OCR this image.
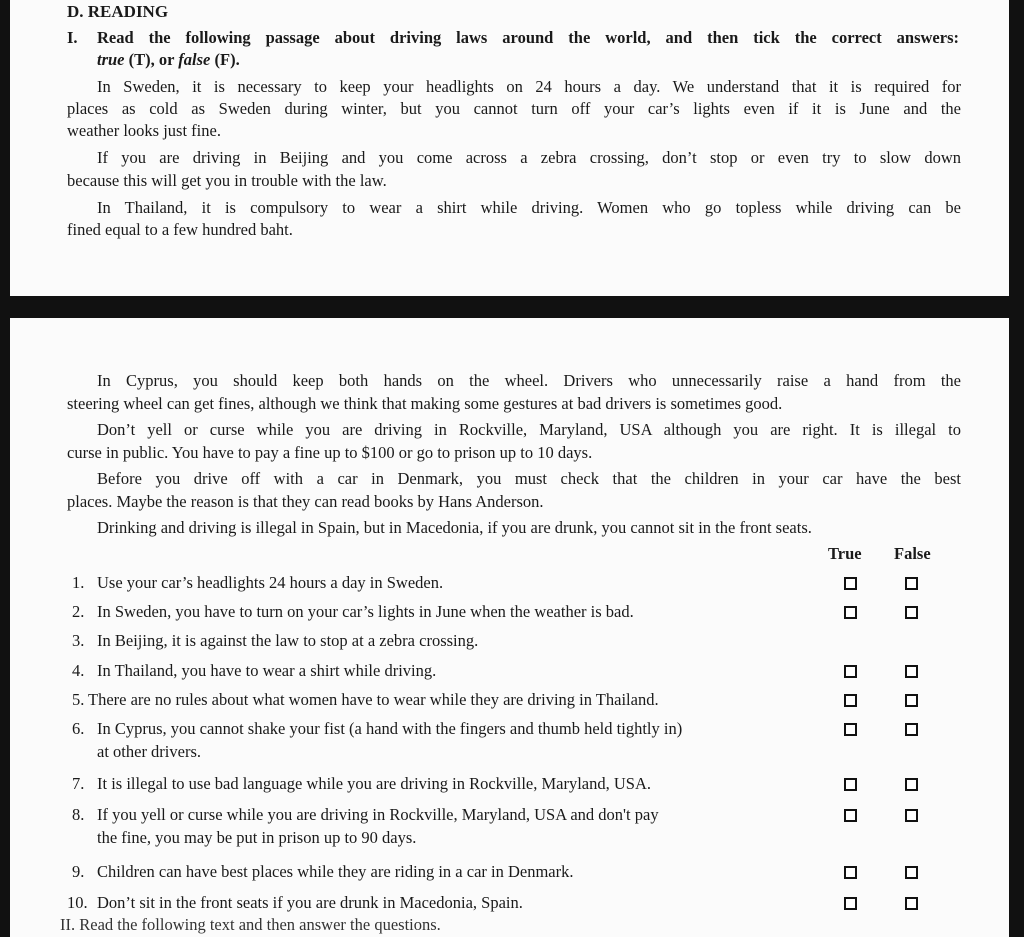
D. READING
I. Read the following passage about driving laws around the world, and then tick the correct answers:
true (T), or false (F).
In Sweden, it is necessary to keep your headlights on 24 hours a day. We understand that it is required for
places as cold as Sweden during winter, but you cannot turn off your car’s lights even if it is June and the
weather looks just fine.
If you are driving in Beijing and you come across a zebra crossing, don’t stop or even try to slow down
because this will get you in trouble with the law.
In Thailand, it is compulsory to wear a shirt while driving. Women who go topless while driving can be
fined equal to a few hundred baht.
In Cyprus, you should keep both hands on the wheel. Drivers who unnecessarily raise a hand from the
steering wheel can get fines, although we think that making some gestures at bad drivers is sometimes good.
Don’t yell or curse while you are driving in Rockville, Maryland, USA although you are right. It is illegal to
curse in public. You have to pay a fine up to $100 or go to prison up to 10 days.
Before you drive off with a car in Denmark, you must check that the children in your car have the best
places. Maybe the reason is that they can read books by Hans Anderson.
Drinking and driving is illegal in Spain, but in Macedonia, if you are drunk, you cannot sit in the front seats.
True False
1. Use your car’s headlights 24 hours a day in Sweden.
2. In Sweden, you have to turn on your car’s lights in June when the weather is bad.
3. In Beijing, it is against the law to stop at a zebra crossing.
4. In Thailand, you have to wear a shirt while driving.
5. There are no rules about what women have to wear while they are driving in Thailand.
6. In Cyprus, you cannot shake your fist (a hand with the fingers and thumb held tightly in)
at other drivers.
7. It is illegal to use bad language while you are driving in Rockville, Maryland, USA.
8. If you yell or curse while you are driving in Rockville, Maryland, USA and don't pay
the fine, you may be put in prison up to 90 days.
9. Children can have best places while they are riding in a car in Denmark.
10. Don’t sit in the front seats if you are drunk in Macedonia, Spain.
II. Read the following text and then answer the questions.
